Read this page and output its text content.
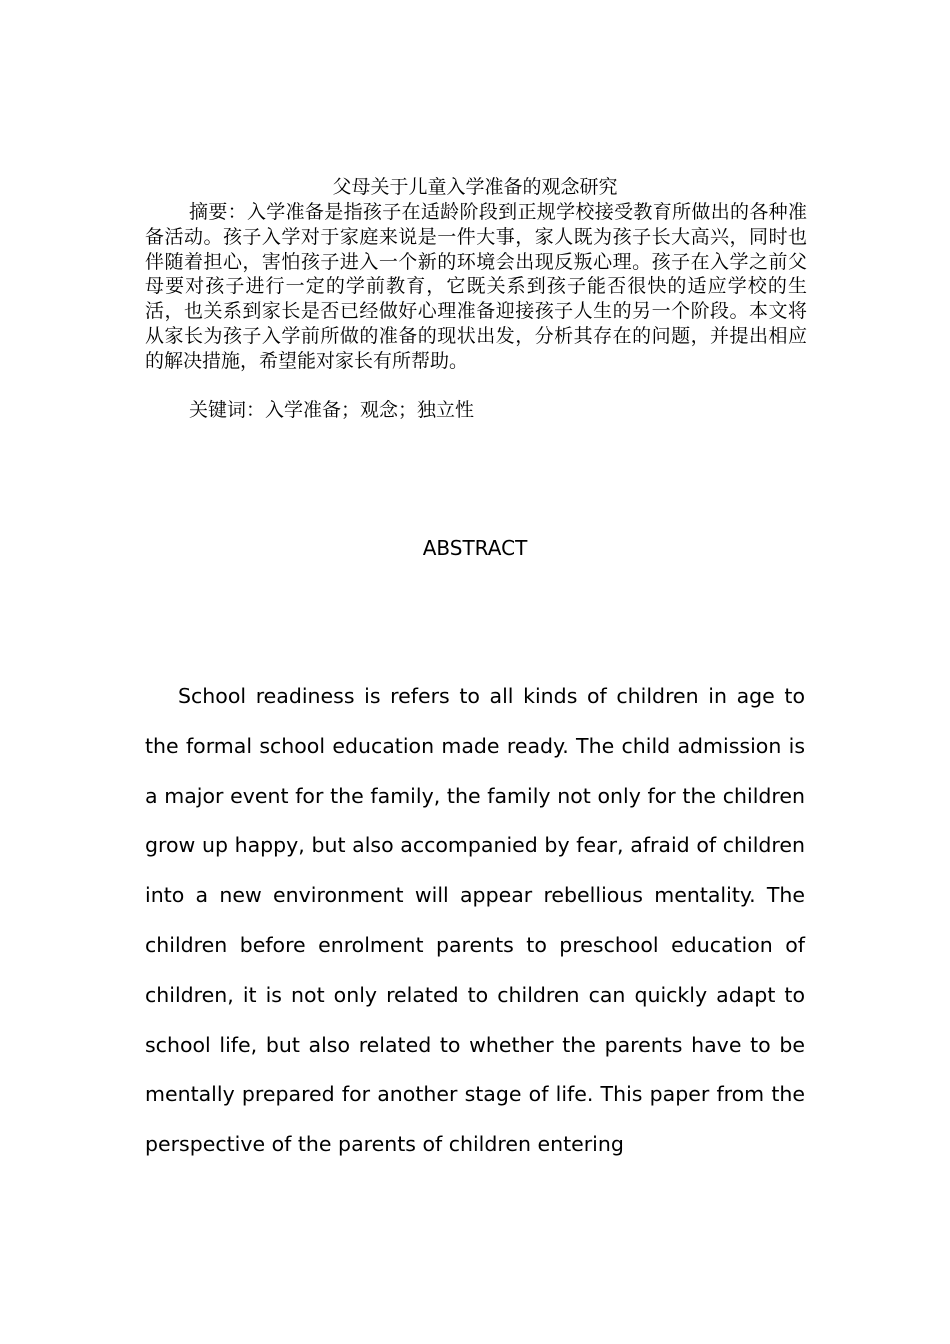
父母关于儿童入学准备的观念研究

摘要：入学准备是指孩子在适龄阶段到正规学校接受教育所做出的各种准备活动。孩子入学对于家庭来说是一件大事，家人既为孩子长大高兴，同时也伴随着担心，害怕孩子进入一个新的环境会出现反叛心理。孩子在入学之前父母要对孩子进行一定的学前教育，它既关系到孩子能否很快的适应学校的生活，也关系到家长是否已经做好心理准备迎接孩子人生的另一个阶段。本文将从家长为孩子入学前所做的准备的现状出发，分析其存在的问题，并提出相应的解决措施，希望能对家长有所帮助。

关键词：入学准备；观念；独立性

ABSTRACT

School readiness is refers to all kinds of children in age to the formal school education made ready. The child admission is a major event for the family, the family not only for the children grow up happy, but also accompanied by fear, afraid of children into a new environment will appear rebellious mentality. The children before enrolment parents to preschool education of children, it is not only related to children can quickly adapt to school life, but also related to whether the parents have to be mentally prepared for another stage of life. This paper from the perspective of the parents of children entering
